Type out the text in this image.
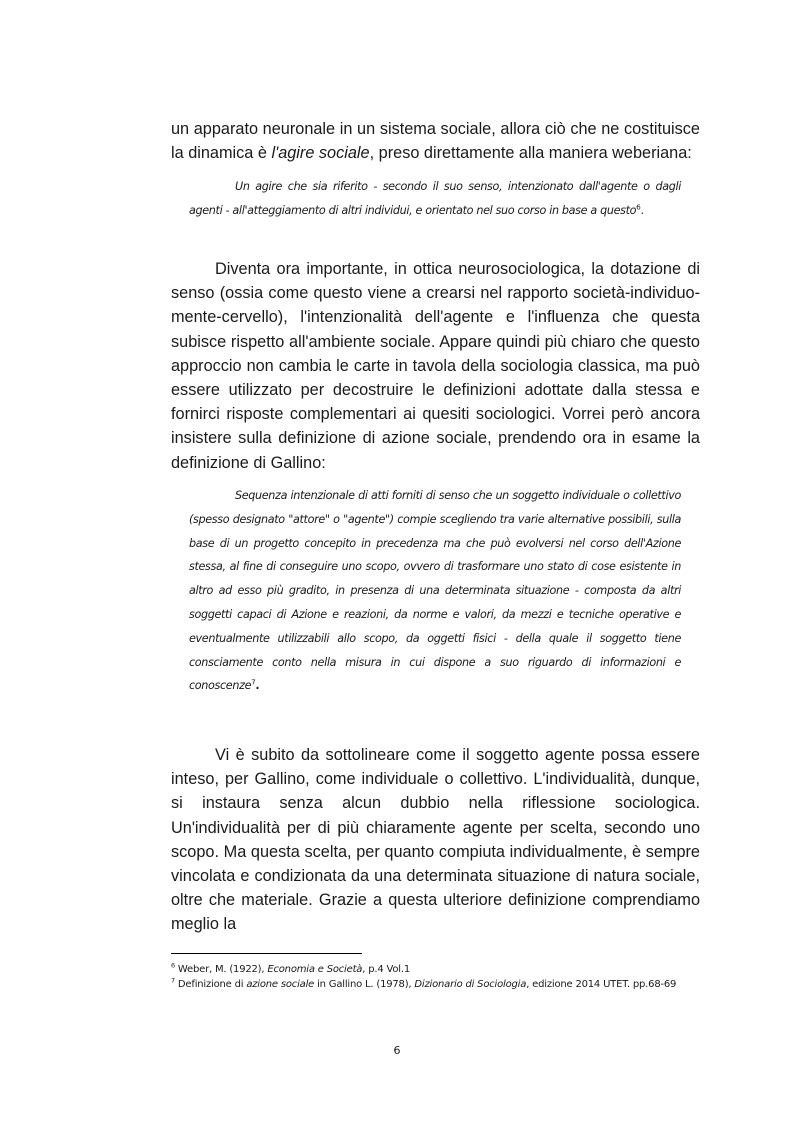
un apparato neuronale in un sistema sociale, allora ciò che ne costituisce la dinamica è l'agire sociale, preso direttamente alla maniera weberiana:

Un agire che sia riferito - secondo il suo senso, intenzionato dall'agente o dagli agenti - all'atteggiamento di altri individui, e orientato nel suo corso in base a questo$^6$.

Diventa ora importante, in ottica neurosociologica, la dotazione di senso (ossia come questo viene a crearsi nel rapporto società-individuo-mente-cervello), l'intenzionalità dell'agente e l'influenza che questa subisce rispetto all'ambiente sociale. Appare quindi più chiaro che questo approccio non cambia le carte in tavola della sociologia classica, ma può essere utilizzato per decostruire le definizioni adottate dalla stessa e fornirci risposte complementari ai quesiti sociologici. Vorrei però ancora insistere sulla definizione di azione sociale, prendendo ora in esame la definizione di Gallino:

Sequenza intenzionale di atti forniti di senso che un soggetto individuale o collettivo (spesso designato "attore" o "agente") compie scegliendo tra varie alternative possibili, sulla base di un progetto concepito in precedenza ma che può evolversi nel corso dell'Azione stessa, al fine di conseguire uno scopo, ovvero di trasformare uno stato di cose esistente in altro ad esso più gradito, in presenza di una determinata situazione - composta da altri soggetti capaci di Azione e reazioni, da norme e valori, da mezzi e tecniche operative e eventualmente utilizzabili allo scopo, da oggetti fisici - della quale il soggetto tiene consciamente conto nella misura in cui dispone a suo riguardo di informazioni e conoscenze$^7$.

Vi è subito da sottolineare come il soggetto agente possa essere inteso, per Gallino, come individuale o collettivo. L'individualità, dunque, si instaura senza alcun dubbio nella riflessione sociologica. Un'individualità per di più chiaramente agente per scelta, secondo uno scopo. Ma questa scelta, per quanto compiuta individualmente, è sempre vincolata e condizionata da una determinata situazione di natura sociale, oltre che materiale. Grazie a questa ulteriore definizione comprendiamo meglio la

$^6$ Weber, M. (1922), Economia e Società, p.4 Vol.1

$^7$ Definizione di azione sociale in Gallino L. (1978), Dizionario di Sociologia, edizione 2014 UTET. pp.68-69

6
